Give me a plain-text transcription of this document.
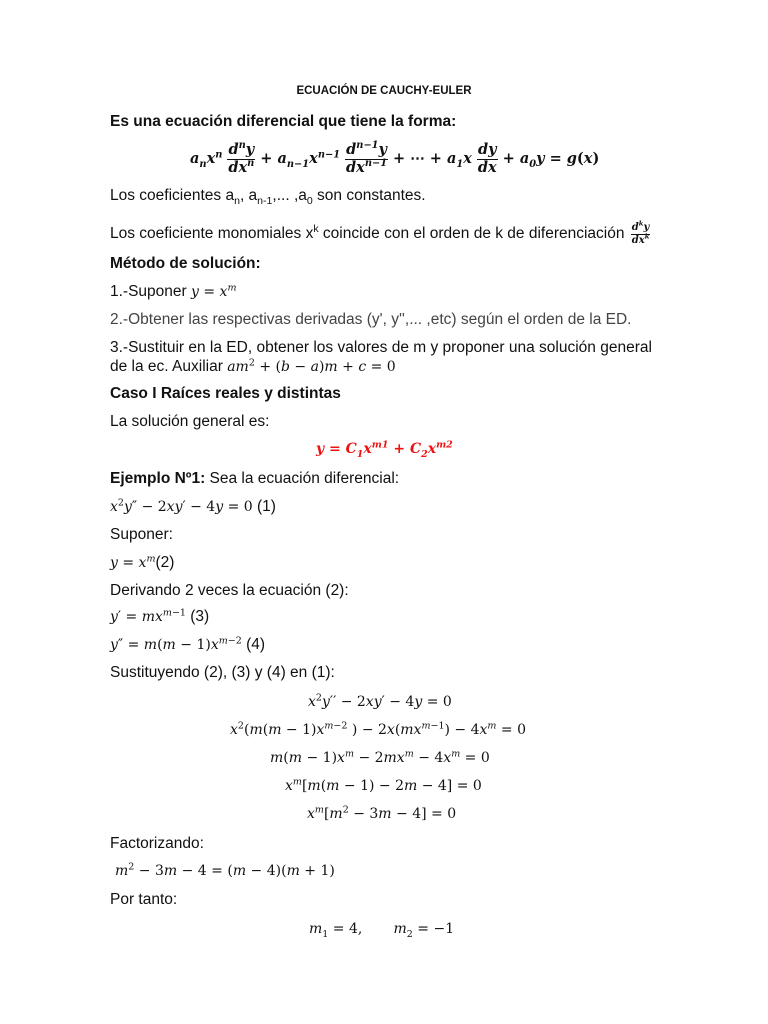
ECUACIÓN DE CAUCHY-EULER
Es una ecuación diferencial que tiene la forma:
$a_nx^n \frac{d^ny}{dx^n} + a_{n-1}x^{n-1} \frac{d^{n-1}y}{dx^{n-1}}$ + ⋯ + $a_1x \frac{dy}{dx} + a_0y = g(x)$
Los coeficientes $a_n$, $a_{n-1}$,... $,a_0$ son constantes.
Los coeficiente monomiales $x^k$ coincide con el orden de k de diferenciación $\frac{d^ky}{dx^k}$
Método de solución:
1.-Suponer $y = x^m$
2.-Obtener las respectivas derivadas (y', y'',... ,etc) según el orden de la ED.
3.-Sustituir en la ED, obtener los valores de m y proponer una solución general
de la ec. Auxiliar $am^2 + (b - a)m + c = 0$
Caso I Raíces reales y distintas
La solución general es:
$y = C_1x^{m1} + C_2x^{m2}$
Ejemplo Nº1: Sea la ecuación diferencial:
$x^2y'' - 2xy' - 4y = 0$ (1)
Suponer:
$y = x^m(2)$
Derivando 2 veces la ecuación (2):
$y' = mx^{m-1}$ (3)
$y'' = m(m - 1)x^{m-2}$ (4)
Sustituyendo (2), (3) y (4) en (1):
$x^2y'' - 2xy' - 4y = 0$
$x^2(m(m - 1)x^{m-2}$ ) − $2x(mx^{m-1}) - 4x^m = 0$
$m(m - 1)x^m - 2mx^m - 4x^m = 0$
$x^m[m(m - 1) - 2m - 4] = 0$
$x^m[m^2 - 3m - 4] = 0$
Factorizando:
$m^2 - 3m - 4 = (m - 4)(m + 1)$
Por tanto:
$m_1 = 4$,       $m_2 = -1$
